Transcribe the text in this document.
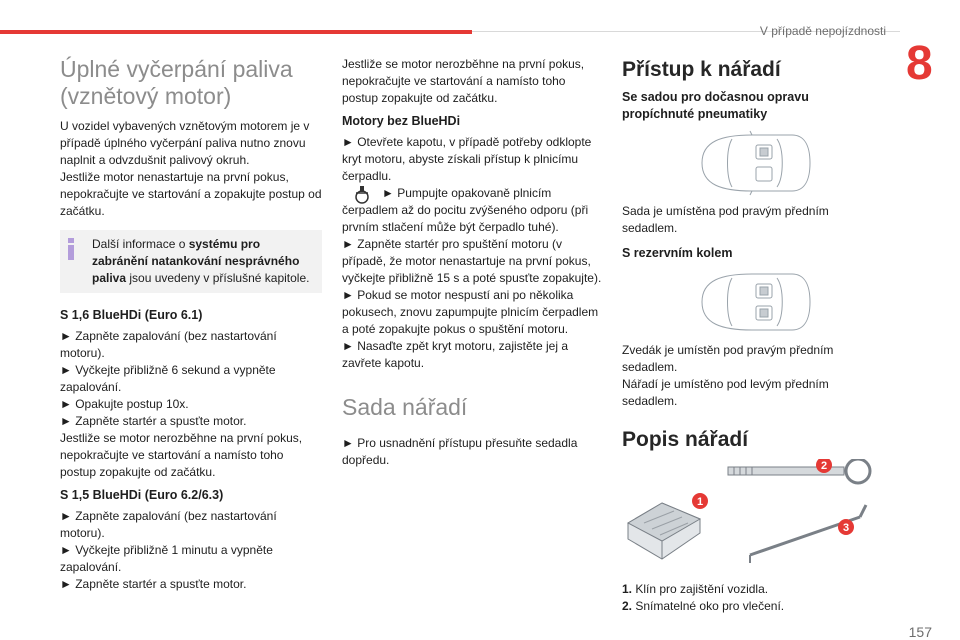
V případě nepojízdnosti
8
157
Úplné vyčerpání paliva
(vznětový motor)

U vozidel vybavených vznětovým motorem je v případě úplného vyčerpání paliva nutno znovu naplnit a odvzdušnit palivový okruh.

Jestliže motor nenastartuje na první pokus, nepokračujte ve startování a zopakujte postup od začátku.

Další informace o systému pro zabránění natankování nesprávného paliva jsou uvedeny v příslušné kapitole.

S 1,6 BlueHDi (Euro 6.1)

► Zapněte zapalování (bez nastartování motoru).

► Vyčkejte přibližně 6 sekund a vypněte zapalování.

► Opakujte postup 10x.

► Zapněte startér a spusťte motor.

Jestliže se motor nerozběhne na první pokus, nepokračujte ve startování a namísto toho postup zopakujte od začátku.

S 1,5 BlueHDi (Euro 6.2/6.3)

► Zapněte zapalování (bez nastartování motoru).

► Vyčkejte přibližně 1 minutu a vypněte zapalování.

► Zapněte startér a spusťte motor.

Jestliže se motor nerozběhne na první pokus, nepokračujte ve startování a namísto toho postup zopakujte od začátku.

Motory bez BlueHDi

► Otevřete kapotu, v případě potřeby odklopte kryt motoru, abyste získali přístup k plnicímu čerpadlu.

► Pumpujte opakovaně plnicím čerpadlem až do pocitu zvýšeného odporu (při prvním stlačení může být čerpadlo tuhé).

► Zapněte startér pro spuštění motoru (v případě, že motor nenastartuje na první pokus, vyčkejte přibližně 15 s a poté spusťte zopakujte).

► Pokud se motor nespustí ani po několika pokusech, znovu zapumpujte plnicím čerpadlem a poté zopakujte pokus o spuštění motoru.

► Nasaďte zpět kryt motoru, zajistěte jej a zavřete kapotu.

Sada nářadí

► Pro usnadnění přístupu přesuňte sedadla dopředu.

Přístup k nářadí

Se sadou pro dočasnou opravu propíchnuté pneumatiky

Sada je umístěna pod pravým předním sedadlem.

S rezervním kolem

Zvedák je umístěn pod pravým předním sedadlem.

Nářadí je umístěno pod levým předním sedadlem.

Popis nářadí
1
2
3

1. Klín pro zajištění vozidla.

2. Snímatelné oko pro vlečení.
